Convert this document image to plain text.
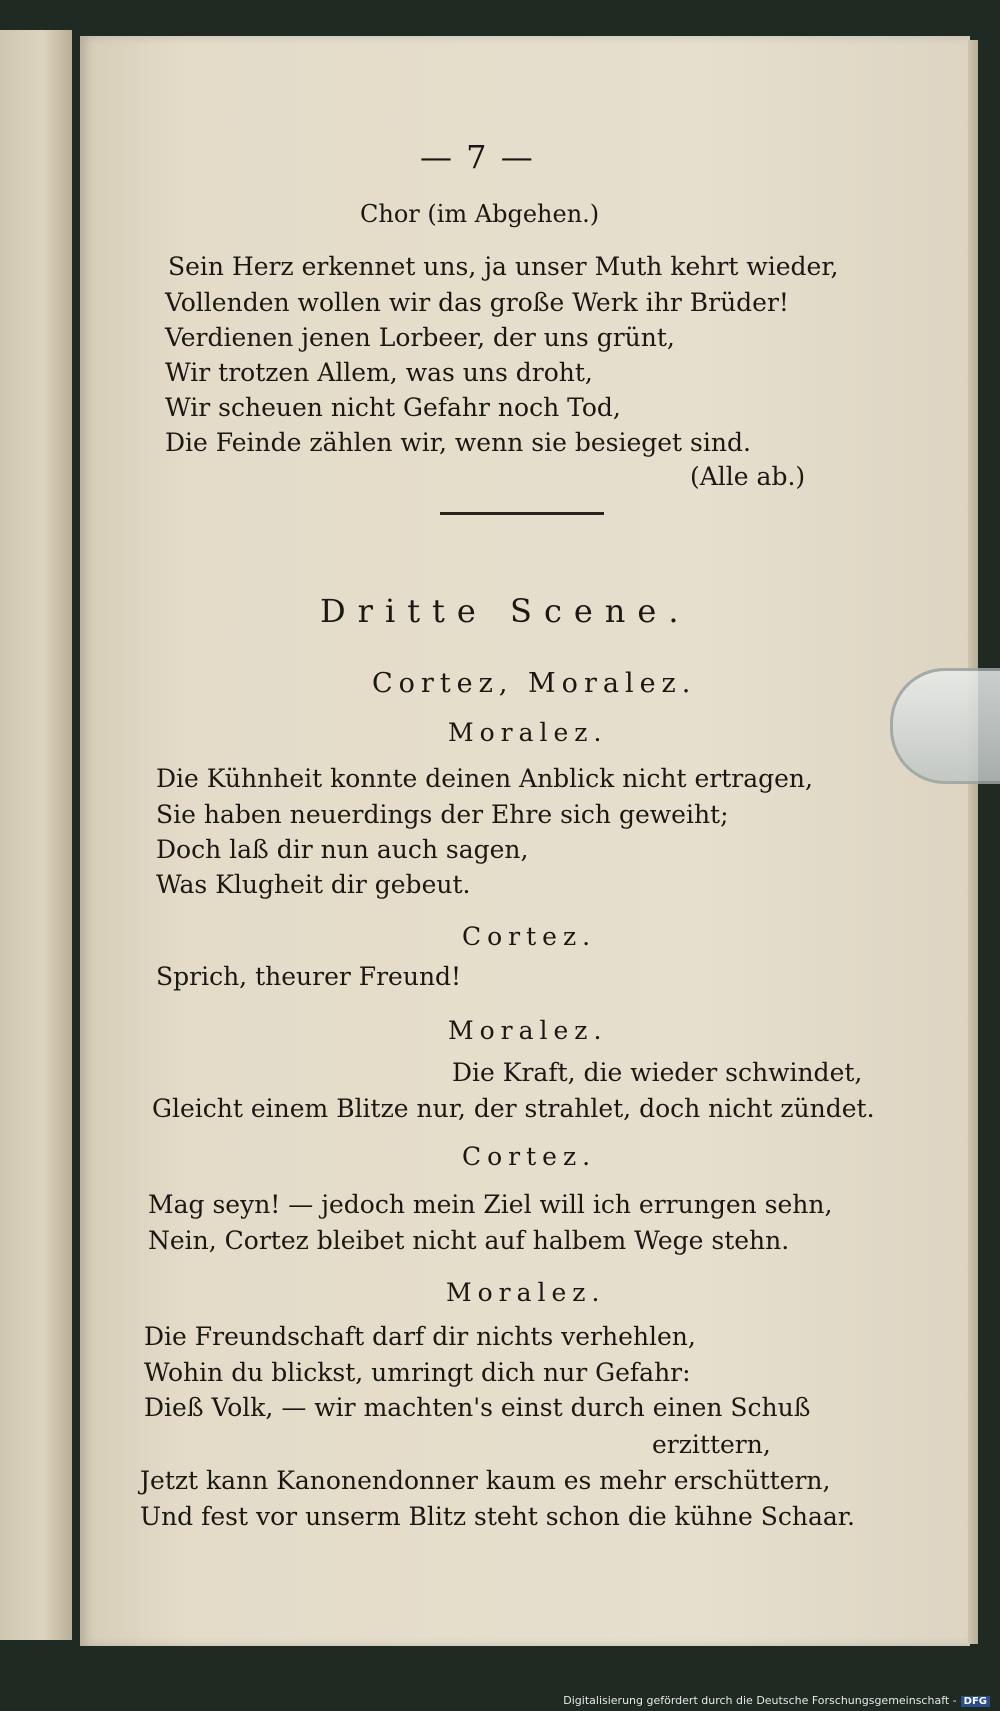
— 7 —
Chor (im Abgehen.)
Sein Herz erkennet uns, ja unser Muth kehrt wieder,
Vollenden wollen wir das große Werk ihr Brüder!
Verdienen jenen Lorbeer, der uns grünt,
Wir trotzen Allem, was uns droht,
Wir scheuen nicht Gefahr noch Tod,
Die Feinde zählen wir, wenn sie besieget sind.
(Alle ab.)
Dritte Scene.
Cortez, Moralez.
Moralez.
Die Kühnheit konnte deinen Anblick nicht ertragen,
Sie haben neuerdings der Ehre sich geweiht;
Doch laß dir nun auch sagen,
Was Klugheit dir gebeut.
Cortez.
Sprich, theurer Freund!
Moralez.
Die Kraft, die wieder schwindet,
Gleicht einem Blitze nur, der strahlet, doch nicht zündet.
Cortez.
Mag seyn! — jedoch mein Ziel will ich errungen sehn,
Nein, Cortez bleibet nicht auf halbem Wege stehn.
Moralez.
Die Freundschaft darf dir nichts verhehlen,
Wohin du blickst, umringt dich nur Gefahr:
Dieß Volk, — wir machten's einst durch einen Schuß
erzittern,
Jetzt kann Kanonendonner kaum es mehr erschüttern,
Und fest vor unserm Blitz steht schon die kühne Schaar.
Digitalisierung gefördert durch die Deutsche Forschungsgemeinschaft - DFG
